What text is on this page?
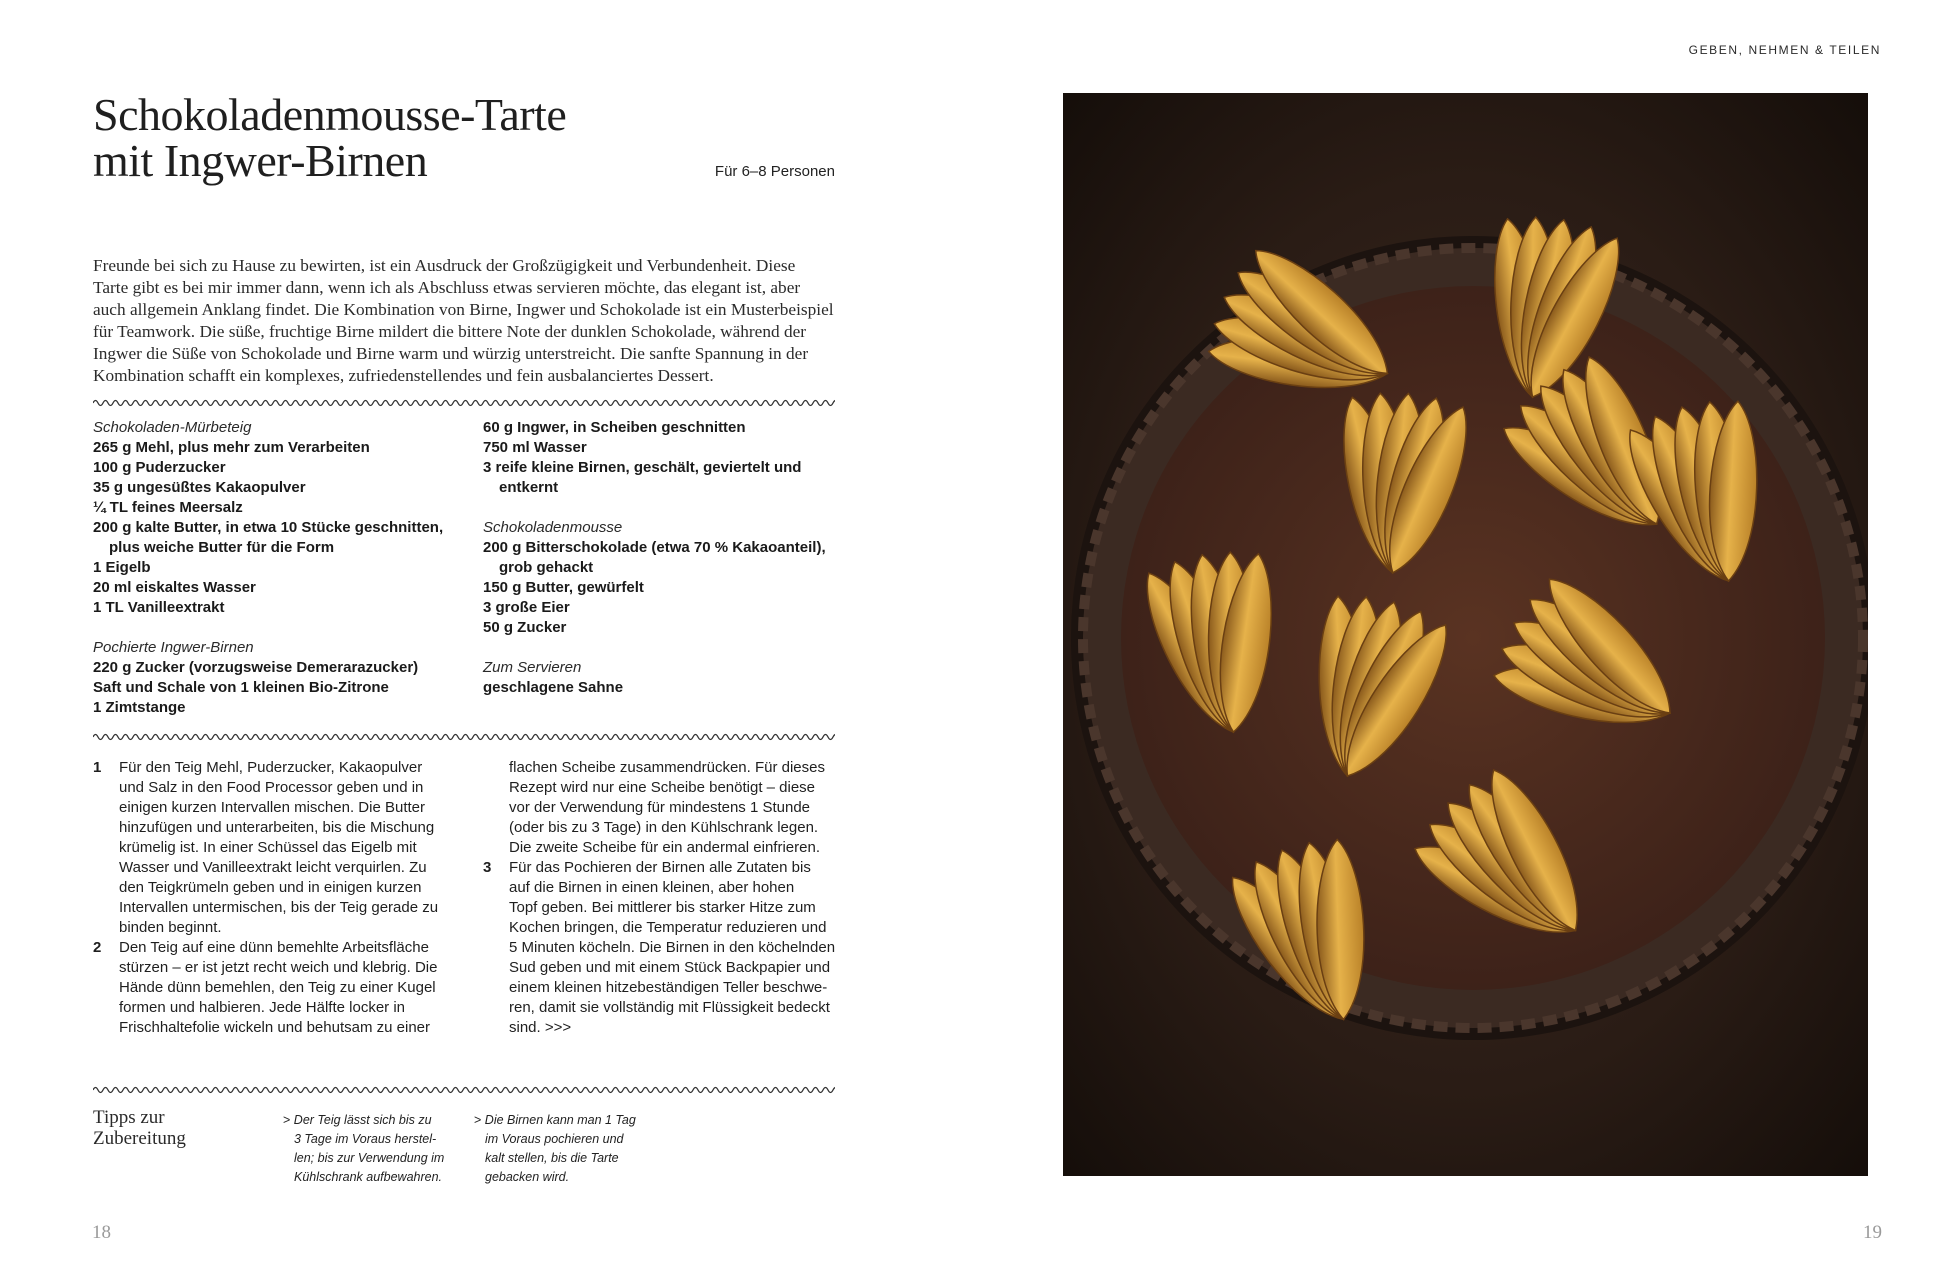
GEBEN, NEHMEN & TEILEN
Schokoladenmousse-Tarte
mit Ingwer-Birnen	Für 6–8 Personen

Freunde bei sich zu Hause zu bewirten, ist ein Ausdruck der Großzügigkeit und Verbundenheit. Diese
Tarte gibt es bei mir immer dann, wenn ich als Abschluss etwas servieren möchte, das elegant ist, aber
auch allgemein Anklang findet. Die Kombination von Birne, Ingwer und Schokolade ist ein Musterbeispiel
für Teamwork. Die süße, fruchtige Birne mildert die bittere Note der dunklen Schokolade, während der
Ingwer die Süße von Schokolade und Birne warm und würzig unterstreicht. Die sanfte Spannung in der
Kombination schafft ein komplexes, zufriedenstellendes und fein ausbalanciertes Dessert.

Schokoladen-Mürbeteig
265 g Mehl, plus mehr zum Verarbeiten
100 g Puderzucker
35 g ungesüßtes Kakaopulver
¼ TL feines Meersalz
200 g kalte Butter, in etwa 10 Stücke geschnitten,
plus weiche Butter für die Form
1 Eigelb
20 ml eiskaltes Wasser
1 TL Vanilleextrakt
Pochierte Ingwer-Birnen
220 g Zucker (vorzugsweise Demerarazucker)
Saft und Schale von 1 kleinen Bio-Zitrone
1 Zimtstange
60 g Ingwer, in Scheiben geschnitten
750 ml Wasser
3 reife kleine Birnen, geschält, geviertelt und
entkernt
Schokoladenmousse
200 g Bitterschokolade (etwa 70 % Kakaoanteil),
grob gehackt
150 g Butter, gewürfelt
3 große Eier
50 g Zucker
Zum Servieren
geschlagene Sahne
1 Für den Teig Mehl, Puderzucker, Kakaopulver
und Salz in den Food Processor geben und in
einigen kurzen Intervallen mischen. Die Butter
hinzufügen und unterarbeiten, bis die Mischung
krümelig ist. In einer Schüssel das Eigelb mit
Wasser und Vanilleextrakt leicht verquirlen. Zu
den Teigkrümeln geben und in einigen kurzen
Intervallen untermischen, bis der Teig gerade zu
binden beginnt.
2 Den Teig auf eine dünn bemehlte Arbeitsfläche
stürzen – er ist jetzt recht weich und klebrig. Die
Hände dünn bemehlen, den Teig zu einer Kugel
formen und halbieren. Jede Hälfte locker in
Frischhaltefolie wickeln und behutsam zu einer
flachen Scheibe zusammendrücken. Für dieses
Rezept wird nur eine Scheibe benötigt – diese
vor der Verwendung für mindestens 1 Stunde
(oder bis zu 3 Tage) in den Kühlschrank legen.
Die zweite Scheibe für ein andermal einfrieren.
3 Für das Pochieren der Birnen alle Zutaten bis
auf die Birnen in einen kleinen, aber hohen
Topf geben. Bei mittlerer bis starker Hitze zum
Kochen bringen, die Temperatur reduzieren und
5 Minuten köcheln. Die Birnen in den köchelnden
Sud geben und mit einem Stück Backpapier und
einem kleinen hitzebeständigen Teller beschwe-
ren, damit sie vollständig mit Flüssigkeit bedeckt
sind. >>>
Tipps zur
Zubereitung
> Der Teig lässt sich bis zu
3 Tage im Voraus herstel-
len; bis zur Verwendung im
Kühlschrank aufbewahren.
> Die Birnen kann man 1 Tag
im Voraus pochieren und
kalt stellen, bis die Tarte
gebacken wird.
18	19
